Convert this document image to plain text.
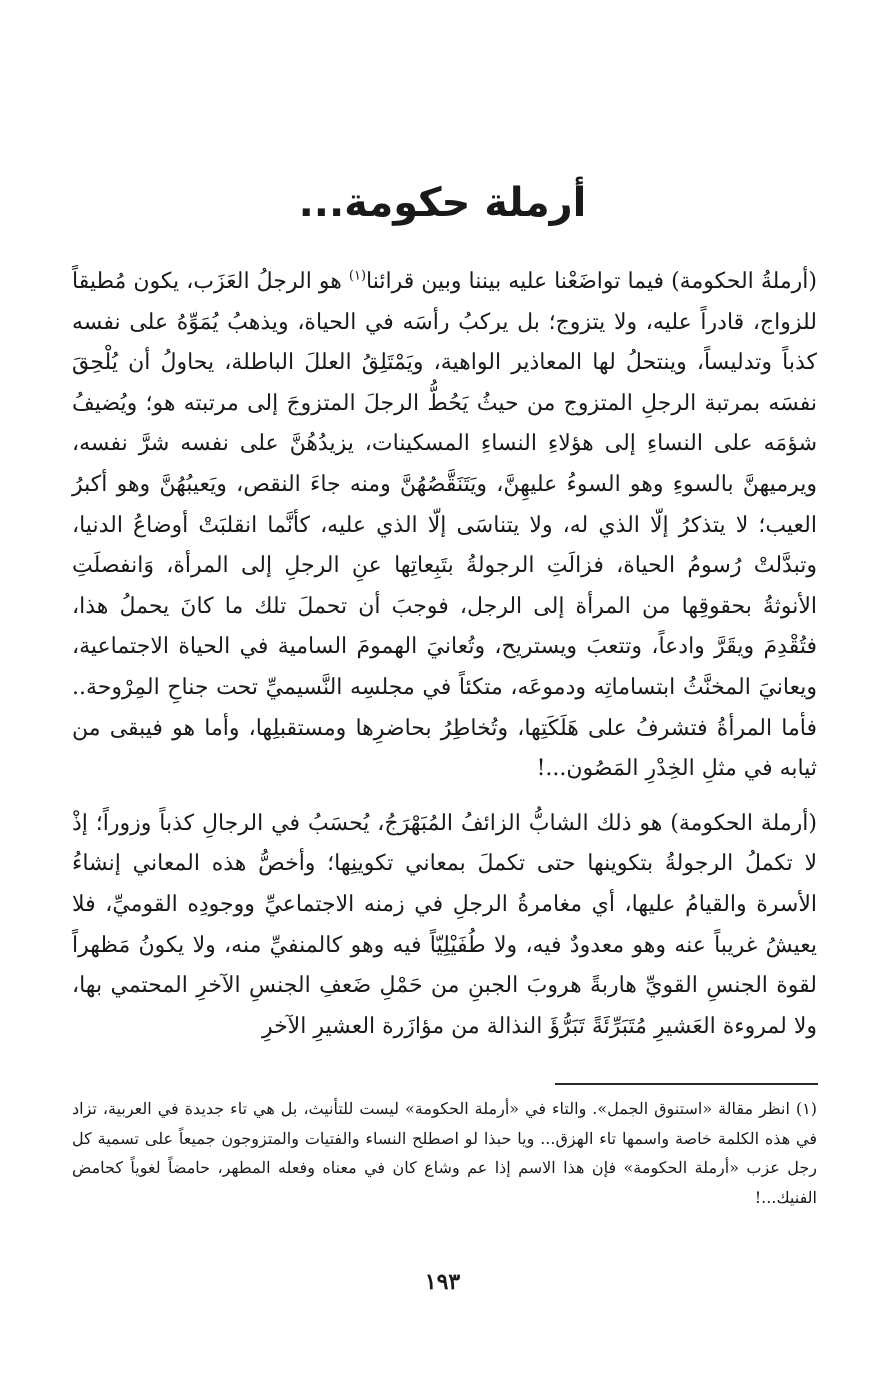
أرملة حكومة...

(أرملةُ الحكومة) فيما تواضَعْنا عليه بيننا وبين قرائنا$^{(١)}$ هو الرجلُ العَزَب، يكون مُطيقاً للزواج، قادراً عليه، ولا يتزوج؛ بل يركبُ رأسَه في الحياة، ويذهبُ يُمَوِّهُ على نفسه كذباً وتدليساً، وينتحلُ لها المعاذير الواهية، ويَمْتَلِقُ العللَ الباطلة، يحاولُ أن يُلْحِقَ نفسَه بمرتبة الرجلِ المتزوج من حيثُ يَحُطُّ الرجلَ المتزوجَ إلى مرتبته هو؛ ويُضيفُ شؤمَه على النساءِ إلى هؤلاءِ النساءِ المسكينات، يزيدُهُنَّ على نفسه شرَّ نفسه، ويرميهنَّ بالسوءِ وهو السوءُ عليهِنَّ، ويَتَنَقَّصُهُنَّ ومنه جاءَ النقص، ويَعيبُهُنَّ وهو أكبرُ العيب؛ لا يتذكرُ إلّا الذي له، ولا يتناسَى إلّا الذي عليه، كأنَّما انقلبَتْ أوضاعُ الدنيا، وتبدَّلتْ رُسومُ الحياة، فزالَتِ الرجولةُ بتَبِعاتِها عنِ الرجلِ إلى المرأة، وَانفصلَتِ الأنوثةُ بحقوقِها من المرأة إلى الرجل، فوجبَ أن تحملَ تلك ما كانَ يحملُ هذا، فتُقْدِمَ ويقَرَّ وادعاً، وتتعبَ ويستريح، وتُعانيَ الهمومَ السامية في الحياة الاجتماعية، ويعانيَ المخنَّثُ ابتساماتِه ودموعَه، متكئاً في مجلسِه النَّسيميِّ تحت جناحِ المِرْوحة.. فأما المرأةُ فتشرفُ على هَلَكَتِها، وتُخاطِرُ بحاضرِها ومستقبلِها، وأما هو فيبقى من ثيابه في مثلِ الخِدْرِ المَصُون...!

(أرملة الحكومة) هو ذلك الشابُّ الزائفُ المُبَهْرَجُ، يُحسَبُ في الرجالِ كذباً وزوراً؛ إذْ لا تكملُ الرجولةُ بتكوينها حتى تكملَ بمعاني تكوينِها؛ وأخصُّ هذه المعاني إنشاءُ الأسرة والقيامُ عليها، أي مغامرةُ الرجلِ في زمنه الاجتماعيِّ ووجودِه القوميِّ، فلا يعيشُ غريباً عنه وهو معدودٌ فيه، ولا طُفَيْلِيّاً فيه وهو كالمنفيِّ منه، ولا يكونُ مَظهراً لقوة الجنسِ القويِّ هاربةً هروبَ الجبنِ من حَمْلِ ضَعفِ الجنسِ الآخرِ المحتمي بها، ولا لمروءة العَشيرِ مُتَبَرِّئَةً تَبَرُّؤَ النذالة من مؤازَرة العشيرِ الآخرِ

(١) انظر مقالة «استنوق الجمل». والتاء في «أرملة الحكومة» ليست للتأنيث، بل هي تاء جديدة في العربية، تزاد في هذه الكلمة خاصة واسمها تاء الهزق... ويا حبذا لو اصطلح النساء والفتيات والمتزوجون جميعاً على تسمية كل رجل عزب «أرملة الحكومة» فإن هذا الاسم إذا عم وشاع كان في معناه وفعله المطهر، حامضاً لغوياً كحامض الفنيك...!

١٩٣
